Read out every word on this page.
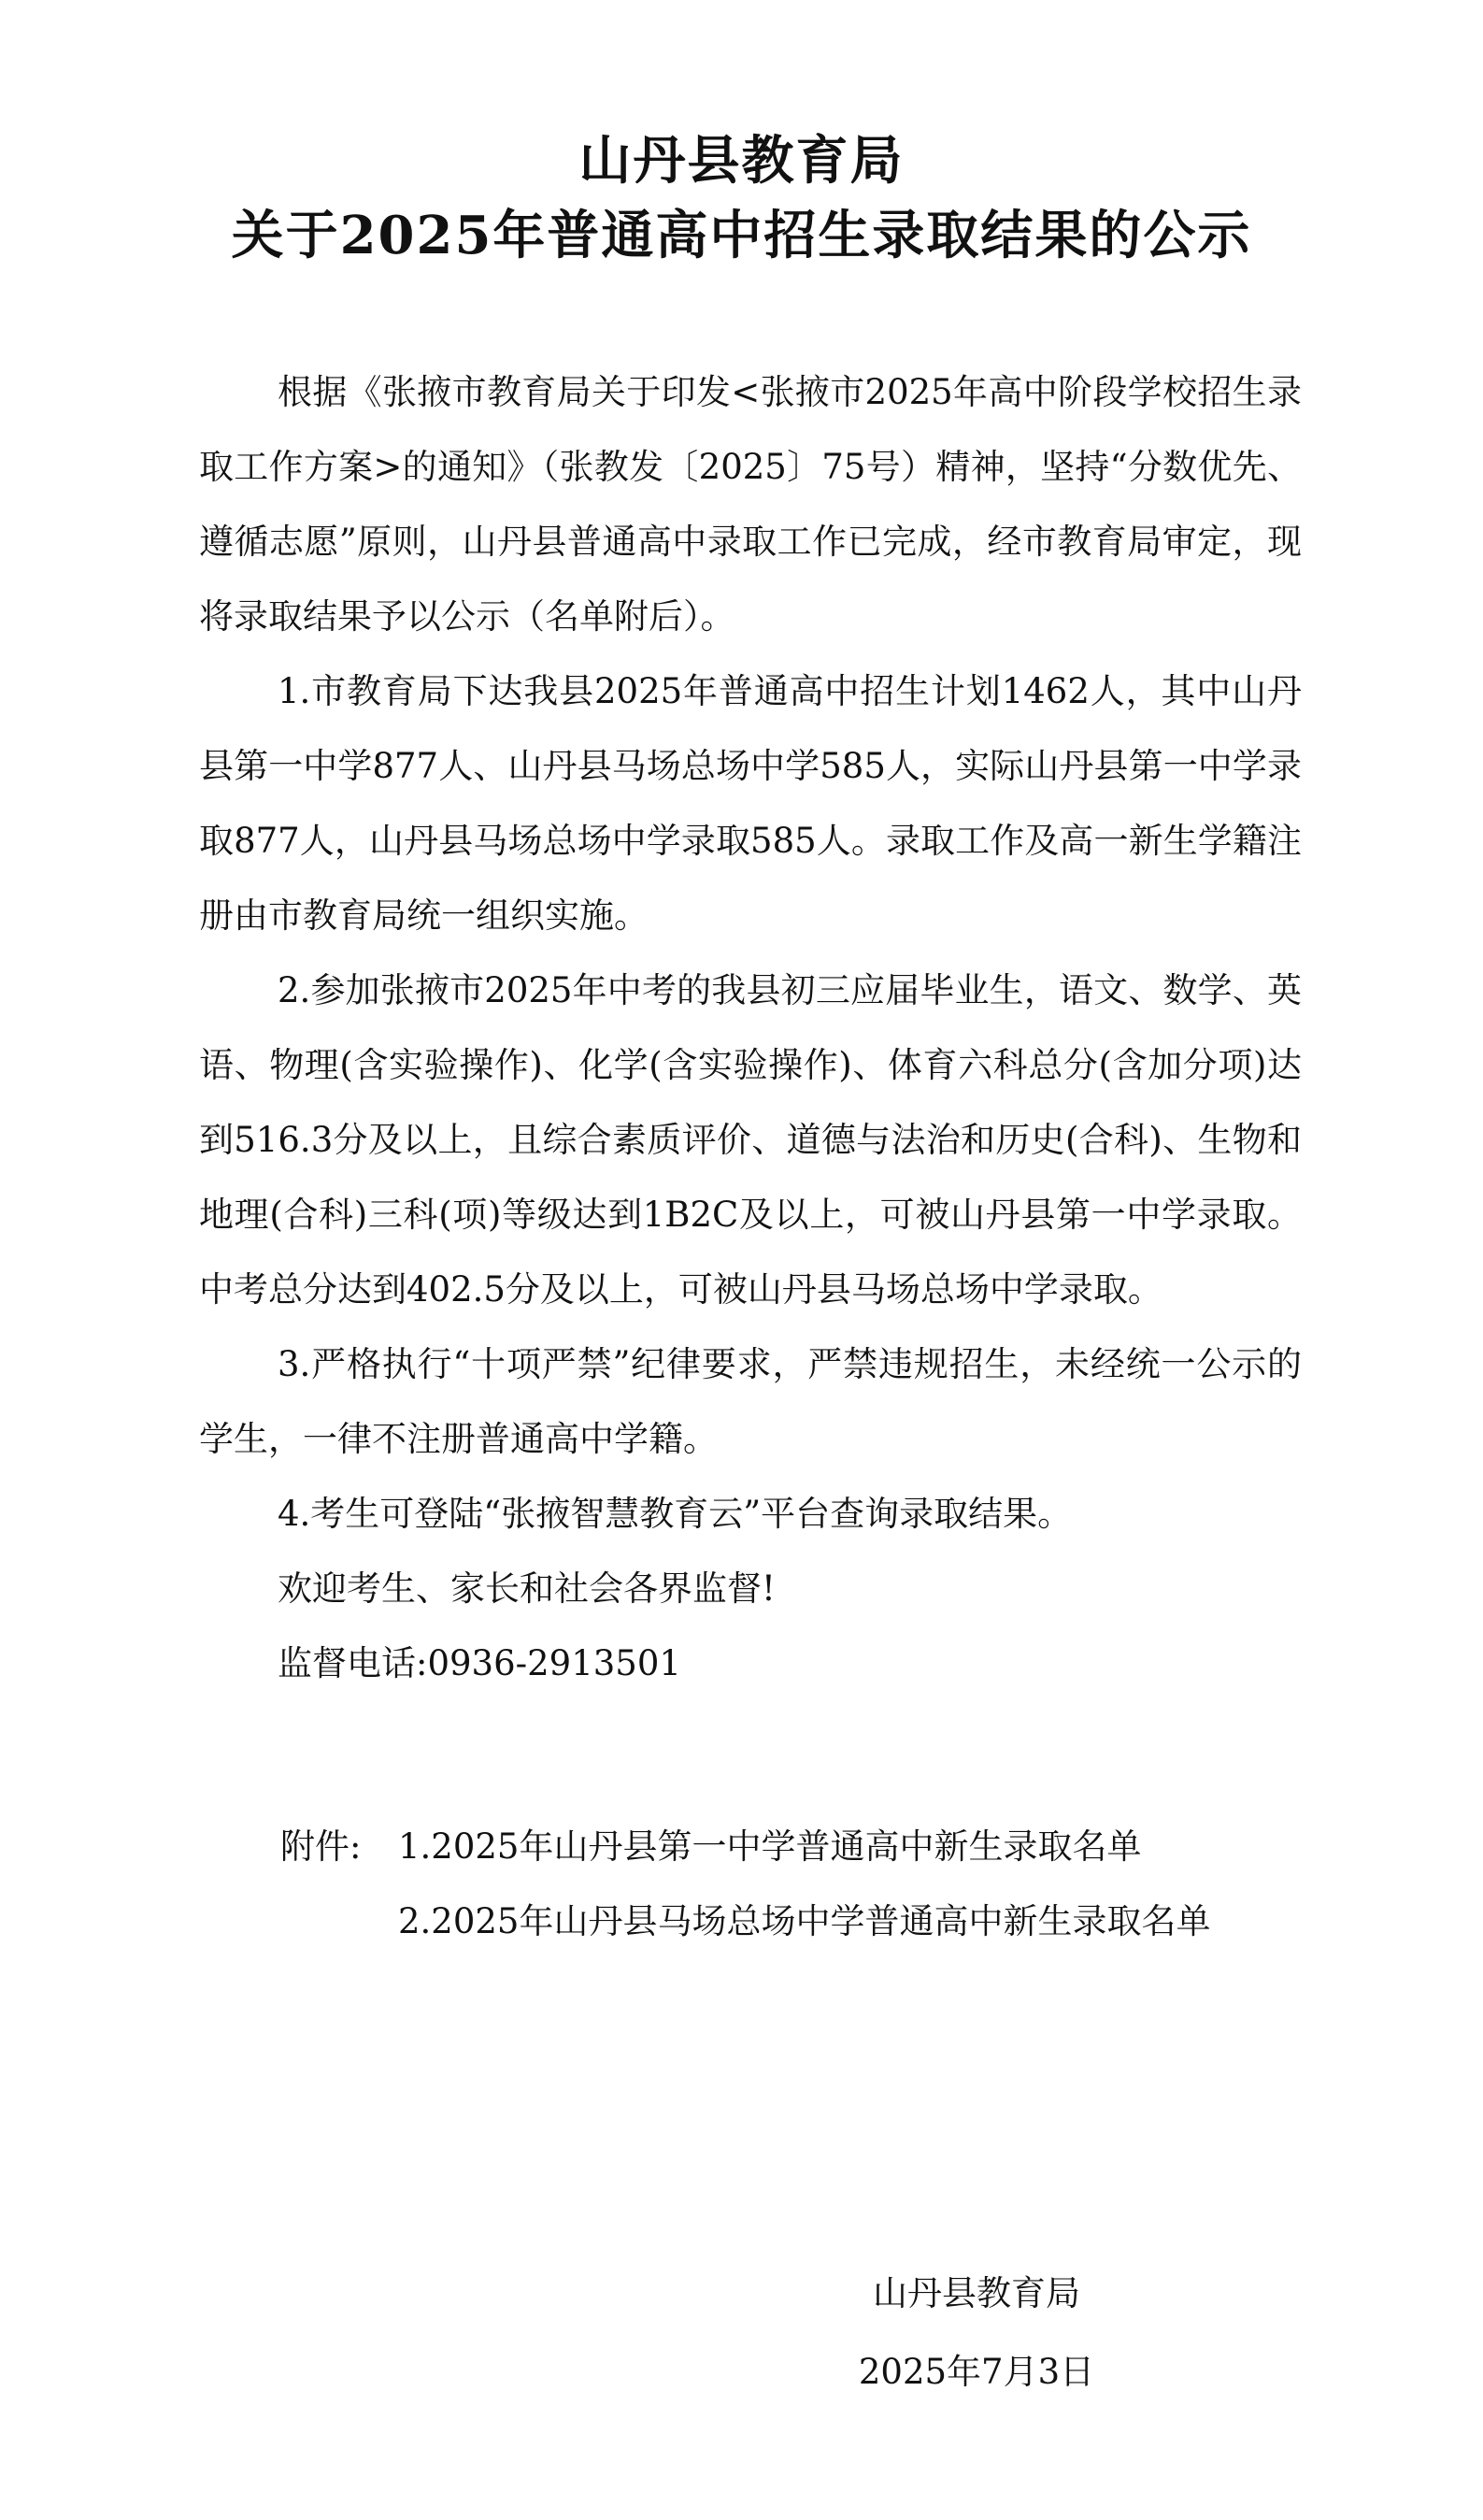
山丹县教育局
关于2025年普通高中招生录取结果的公示

根据《张掖市教育局关于印发<张掖市2025年高中阶段学校招生录取工作方案>的通知》（张教发〔2025〕75号）精神，坚持“分数优先、遵循志愿”原则，山丹县普通高中录取工作已完成，经市教育局审定，现将录取结果予以公示（名单附后）。

1.市教育局下达我县2025年普通高中招生计划1462人，其中山丹县第一中学877人、山丹县马场总场中学585人，实际山丹县第一中学录取877人，山丹县马场总场中学录取585人。录取工作及高一新生学籍注册由市教育局统一组织实施。

2.参加张掖市2025年中考的我县初三应届毕业生，语文、数学、英语、物理(含实验操作)、化学(含实验操作)、体育六科总分(含加分项)达到516.3分及以上，且综合素质评价、道德与法治和历史(合科)、生物和地理(合科)三科(项)等级达到1B2C及以上，可被山丹县第一中学录取。中考总分达到402.5分及以上，可被山丹县马场总场中学录取。

3.严格执行“十项严禁”纪律要求，严禁违规招生，未经统一公示的学生，一律不注册普通高中学籍。

4.考生可登陆“张掖智慧教育云”平台查询录取结果。

欢迎考生、家长和社会各界监督!

监督电话:0936-2913501

附件: 1.2025年山丹县第一中学普通高中新生录取名单
2.2025年山丹县马场总场中学普通高中新生录取名单
山丹县教育局
2025年7月3日
